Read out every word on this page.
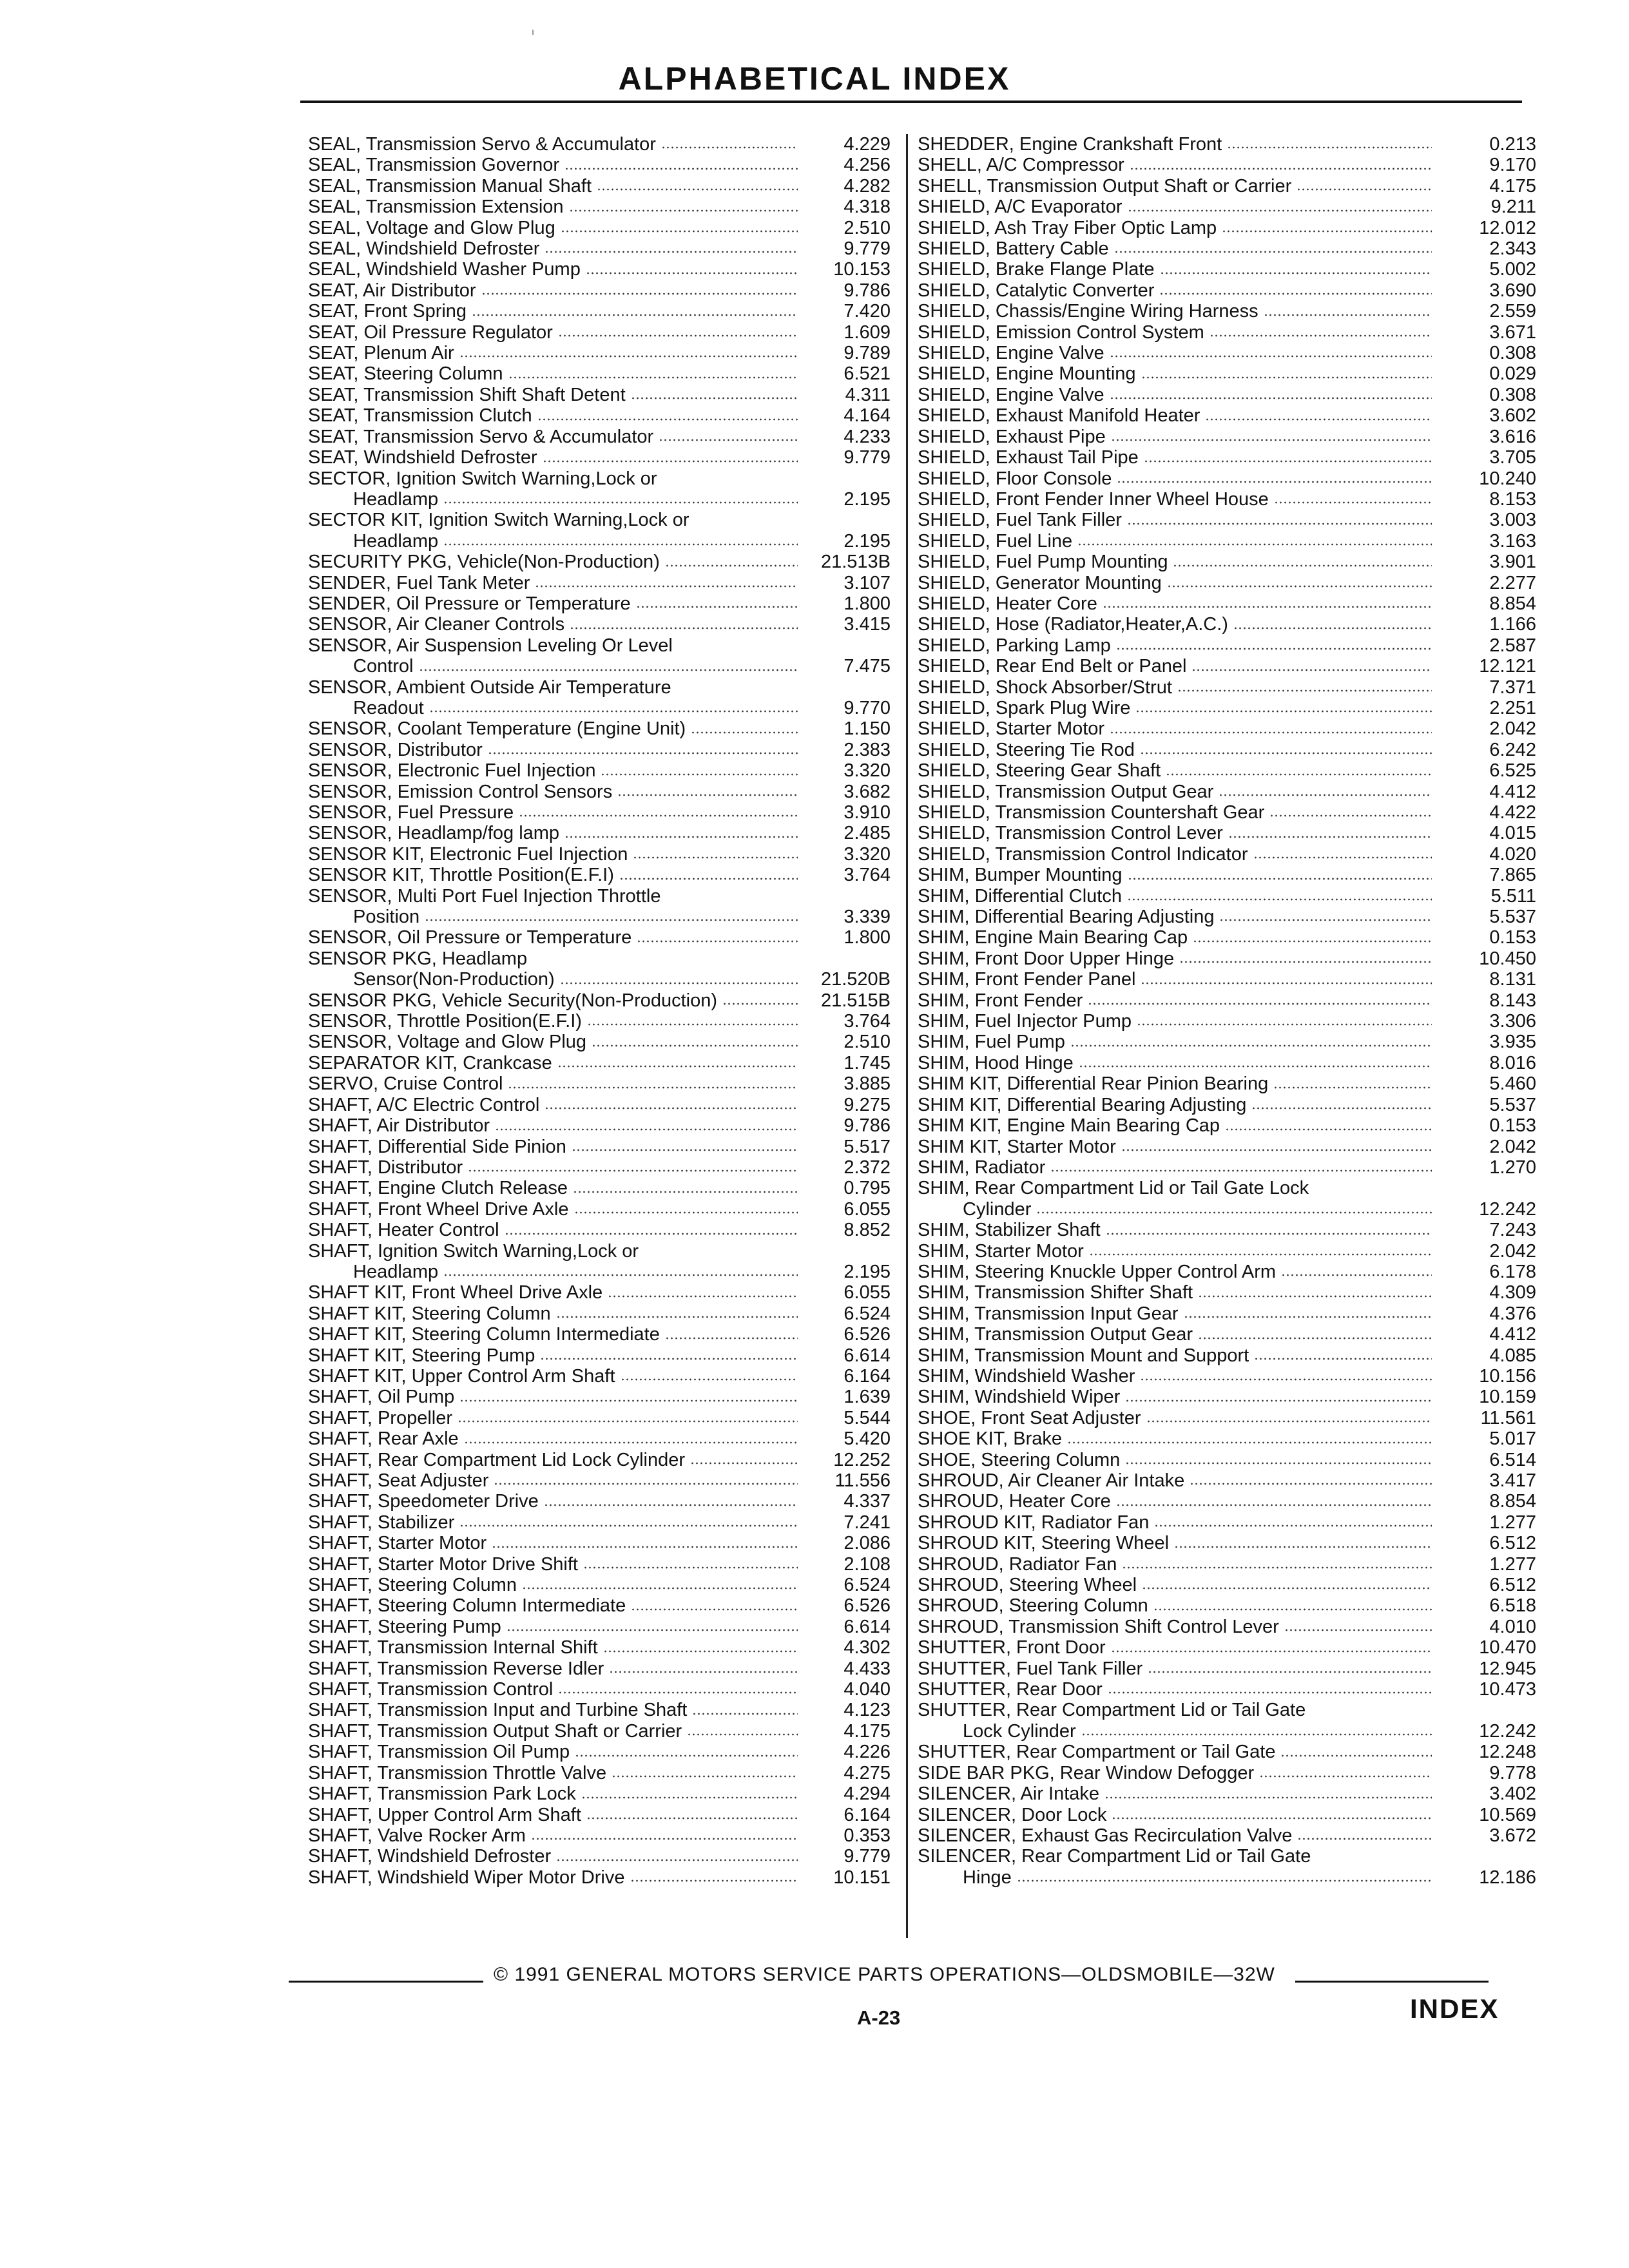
ALPHABETICAL INDEX
SEAL, Transmission Servo & Accumulator	4.229
SEAL, Transmission Governor	4.256
SEAL, Transmission Manual Shaft	4.282
SEAL, Transmission Extension	4.318
SEAL, Voltage and Glow Plug	2.510
SEAL, Windshield Defroster	9.779
SEAL, Windshield Washer Pump	10.153
SEAT, Air Distributor	9.786
SEAT, Front Spring	7.420
SEAT, Oil Pressure Regulator	1.609
SEAT, Plenum Air	9.789
SEAT, Steering Column	6.521
SEAT, Transmission Shift Shaft Detent	4.311
SEAT, Transmission Clutch	4.164
SEAT, Transmission Servo & Accumulator	4.233
SEAT, Windshield Defroster	9.779
SECTOR, Ignition Switch Warning,Lock or
Headlamp	2.195
SECTOR KIT, Ignition Switch Warning,Lock or
Headlamp	2.195
SECURITY PKG, Vehicle(Non-Production)	21.513B
SENDER, Fuel Tank Meter	3.107
SENDER, Oil Pressure or Temperature	1.800
SENSOR, Air Cleaner Controls	3.415
SENSOR, Air Suspension Leveling Or Level
Control	7.475
SENSOR, Ambient Outside Air Temperature
Readout	9.770
SENSOR, Coolant Temperature (Engine Unit)	1.150
SENSOR, Distributor	2.383
SENSOR, Electronic Fuel Injection	3.320
SENSOR, Emission Control Sensors	3.682
SENSOR, Fuel Pressure	3.910
SENSOR, Headlamp/fog lamp	2.485
SENSOR KIT, Electronic Fuel Injection	3.320
SENSOR KIT, Throttle Position(E.F.I)	3.764
SENSOR, Multi Port Fuel Injection Throttle
Position	3.339
SENSOR, Oil Pressure or Temperature	1.800
SENSOR PKG, Headlamp
Sensor(Non-Production)	21.520B
SENSOR PKG, Vehicle Security(Non-Production)	21.515B
SENSOR, Throttle Position(E.F.I)	3.764
SENSOR, Voltage and Glow Plug	2.510
SEPARATOR KIT, Crankcase	1.745
SERVO, Cruise Control	3.885
SHAFT, A/C Electric Control	9.275
SHAFT, Air Distributor	9.786
SHAFT, Differential Side Pinion	5.517
SHAFT, Distributor	2.372
SHAFT, Engine Clutch Release	0.795
SHAFT, Front Wheel Drive Axle	6.055
SHAFT, Heater Control	8.852
SHAFT, Ignition Switch Warning,Lock or
Headlamp	2.195
SHAFT KIT, Front Wheel Drive Axle	6.055
SHAFT KIT, Steering Column	6.524
SHAFT KIT, Steering Column Intermediate	6.526
SHAFT KIT, Steering Pump	6.614
SHAFT KIT, Upper Control Arm Shaft	6.164
SHAFT, Oil Pump	1.639
SHAFT, Propeller	5.544
SHAFT, Rear Axle	5.420
SHAFT, Rear Compartment Lid Lock Cylinder	12.252
SHAFT, Seat Adjuster	11.556
SHAFT, Speedometer Drive	4.337
SHAFT, Stabilizer	7.241
SHAFT, Starter Motor	2.086
SHAFT, Starter Motor Drive Shift	2.108
SHAFT, Steering Column	6.524
SHAFT, Steering Column Intermediate	6.526
SHAFT, Steering Pump	6.614
SHAFT, Transmission Internal Shift	4.302
SHAFT, Transmission Reverse Idler	4.433
SHAFT, Transmission Control	4.040
SHAFT, Transmission Input and Turbine Shaft	4.123
SHAFT, Transmission Output Shaft or Carrier	4.175
SHAFT, Transmission Oil Pump	4.226
SHAFT, Transmission Throttle Valve	4.275
SHAFT, Transmission Park Lock	4.294
SHAFT, Upper Control Arm Shaft	6.164
SHAFT, Valve Rocker Arm	0.353
SHAFT, Windshield Defroster	9.779
SHAFT, Windshield Wiper Motor Drive	10.151
SHEDDER, Engine Crankshaft Front	0.213
SHELL, A/C Compressor	9.170
SHELL, Transmission Output Shaft or Carrier	4.175
SHIELD, A/C Evaporator	9.211
SHIELD, Ash Tray Fiber Optic Lamp	12.012
SHIELD, Battery Cable	2.343
SHIELD, Brake Flange Plate	5.002
SHIELD, Catalytic Converter	3.690
SHIELD, Chassis/Engine Wiring Harness	2.559
SHIELD, Emission Control System	3.671
SHIELD, Engine Valve	0.308
SHIELD, Engine Mounting	0.029
SHIELD, Engine Valve	0.308
SHIELD, Exhaust Manifold Heater	3.602
SHIELD, Exhaust Pipe	3.616
SHIELD, Exhaust Tail Pipe	3.705
SHIELD, Floor Console	10.240
SHIELD, Front Fender Inner Wheel House	8.153
SHIELD, Fuel Tank Filler	3.003
SHIELD, Fuel Line	3.163
SHIELD, Fuel Pump Mounting	3.901
SHIELD, Generator Mounting	2.277
SHIELD, Heater Core	8.854
SHIELD, Hose (Radiator,Heater,A.C.)	1.166
SHIELD, Parking Lamp	2.587
SHIELD, Rear End Belt or Panel	12.121
SHIELD, Shock Absorber/Strut	7.371
SHIELD, Spark Plug Wire	2.251
SHIELD, Starter Motor	2.042
SHIELD, Steering Tie Rod	6.242
SHIELD, Steering Gear Shaft	6.525
SHIELD, Transmission Output Gear	4.412
SHIELD, Transmission Countershaft Gear	4.422
SHIELD, Transmission Control Lever	4.015
SHIELD, Transmission Control Indicator	4.020
SHIM, Bumper Mounting	7.865
SHIM, Differential Clutch	5.511
SHIM, Differential Bearing Adjusting	5.537
SHIM, Engine Main Bearing Cap	0.153
SHIM, Front Door Upper Hinge	10.450
SHIM, Front Fender Panel	8.131
SHIM, Front Fender	8.143
SHIM, Fuel Injector Pump	3.306
SHIM, Fuel Pump	3.935
SHIM, Hood Hinge	8.016
SHIM KIT, Differential Rear Pinion Bearing	5.460
SHIM KIT, Differential Bearing Adjusting	5.537
SHIM KIT, Engine Main Bearing Cap	0.153
SHIM KIT, Starter Motor	2.042
SHIM, Radiator	1.270
SHIM, Rear Compartment Lid or Tail Gate Lock
Cylinder	12.242
SHIM, Stabilizer Shaft	7.243
SHIM, Starter Motor	2.042
SHIM, Steering Knuckle Upper Control Arm	6.178
SHIM, Transmission Shifter Shaft	4.309
SHIM, Transmission Input Gear	4.376
SHIM, Transmission Output Gear	4.412
SHIM, Transmission Mount and Support	4.085
SHIM, Windshield Washer	10.156
SHIM, Windshield Wiper	10.159
SHOE, Front Seat Adjuster	11.561
SHOE KIT, Brake	5.017
SHOE, Steering Column	6.514
SHROUD, Air Cleaner Air Intake	3.417
SHROUD, Heater Core	8.854
SHROUD KIT, Radiator Fan	1.277
SHROUD KIT, Steering Wheel	6.512
SHROUD, Radiator Fan	1.277
SHROUD, Steering Wheel	6.512
SHROUD, Steering Column	6.518
SHROUD, Transmission Shift Control Lever	4.010
SHUTTER, Front Door	10.470
SHUTTER, Fuel Tank Filler	12.945
SHUTTER, Rear Door	10.473
SHUTTER, Rear Compartment Lid or Tail Gate
Lock Cylinder	12.242
SHUTTER, Rear Compartment or Tail Gate	12.248
SIDE BAR PKG, Rear Window Defogger	9.778
SILENCER, Air Intake	3.402
SILENCER, Door Lock	10.569
SILENCER, Exhaust Gas Recirculation Valve	3.672
SILENCER, Rear Compartment Lid or Tail Gate
Hinge	12.186
© 1991 GENERAL MOTORS SERVICE PARTS OPERATIONS—OLDSMOBILE—32W
A-23	INDEX
